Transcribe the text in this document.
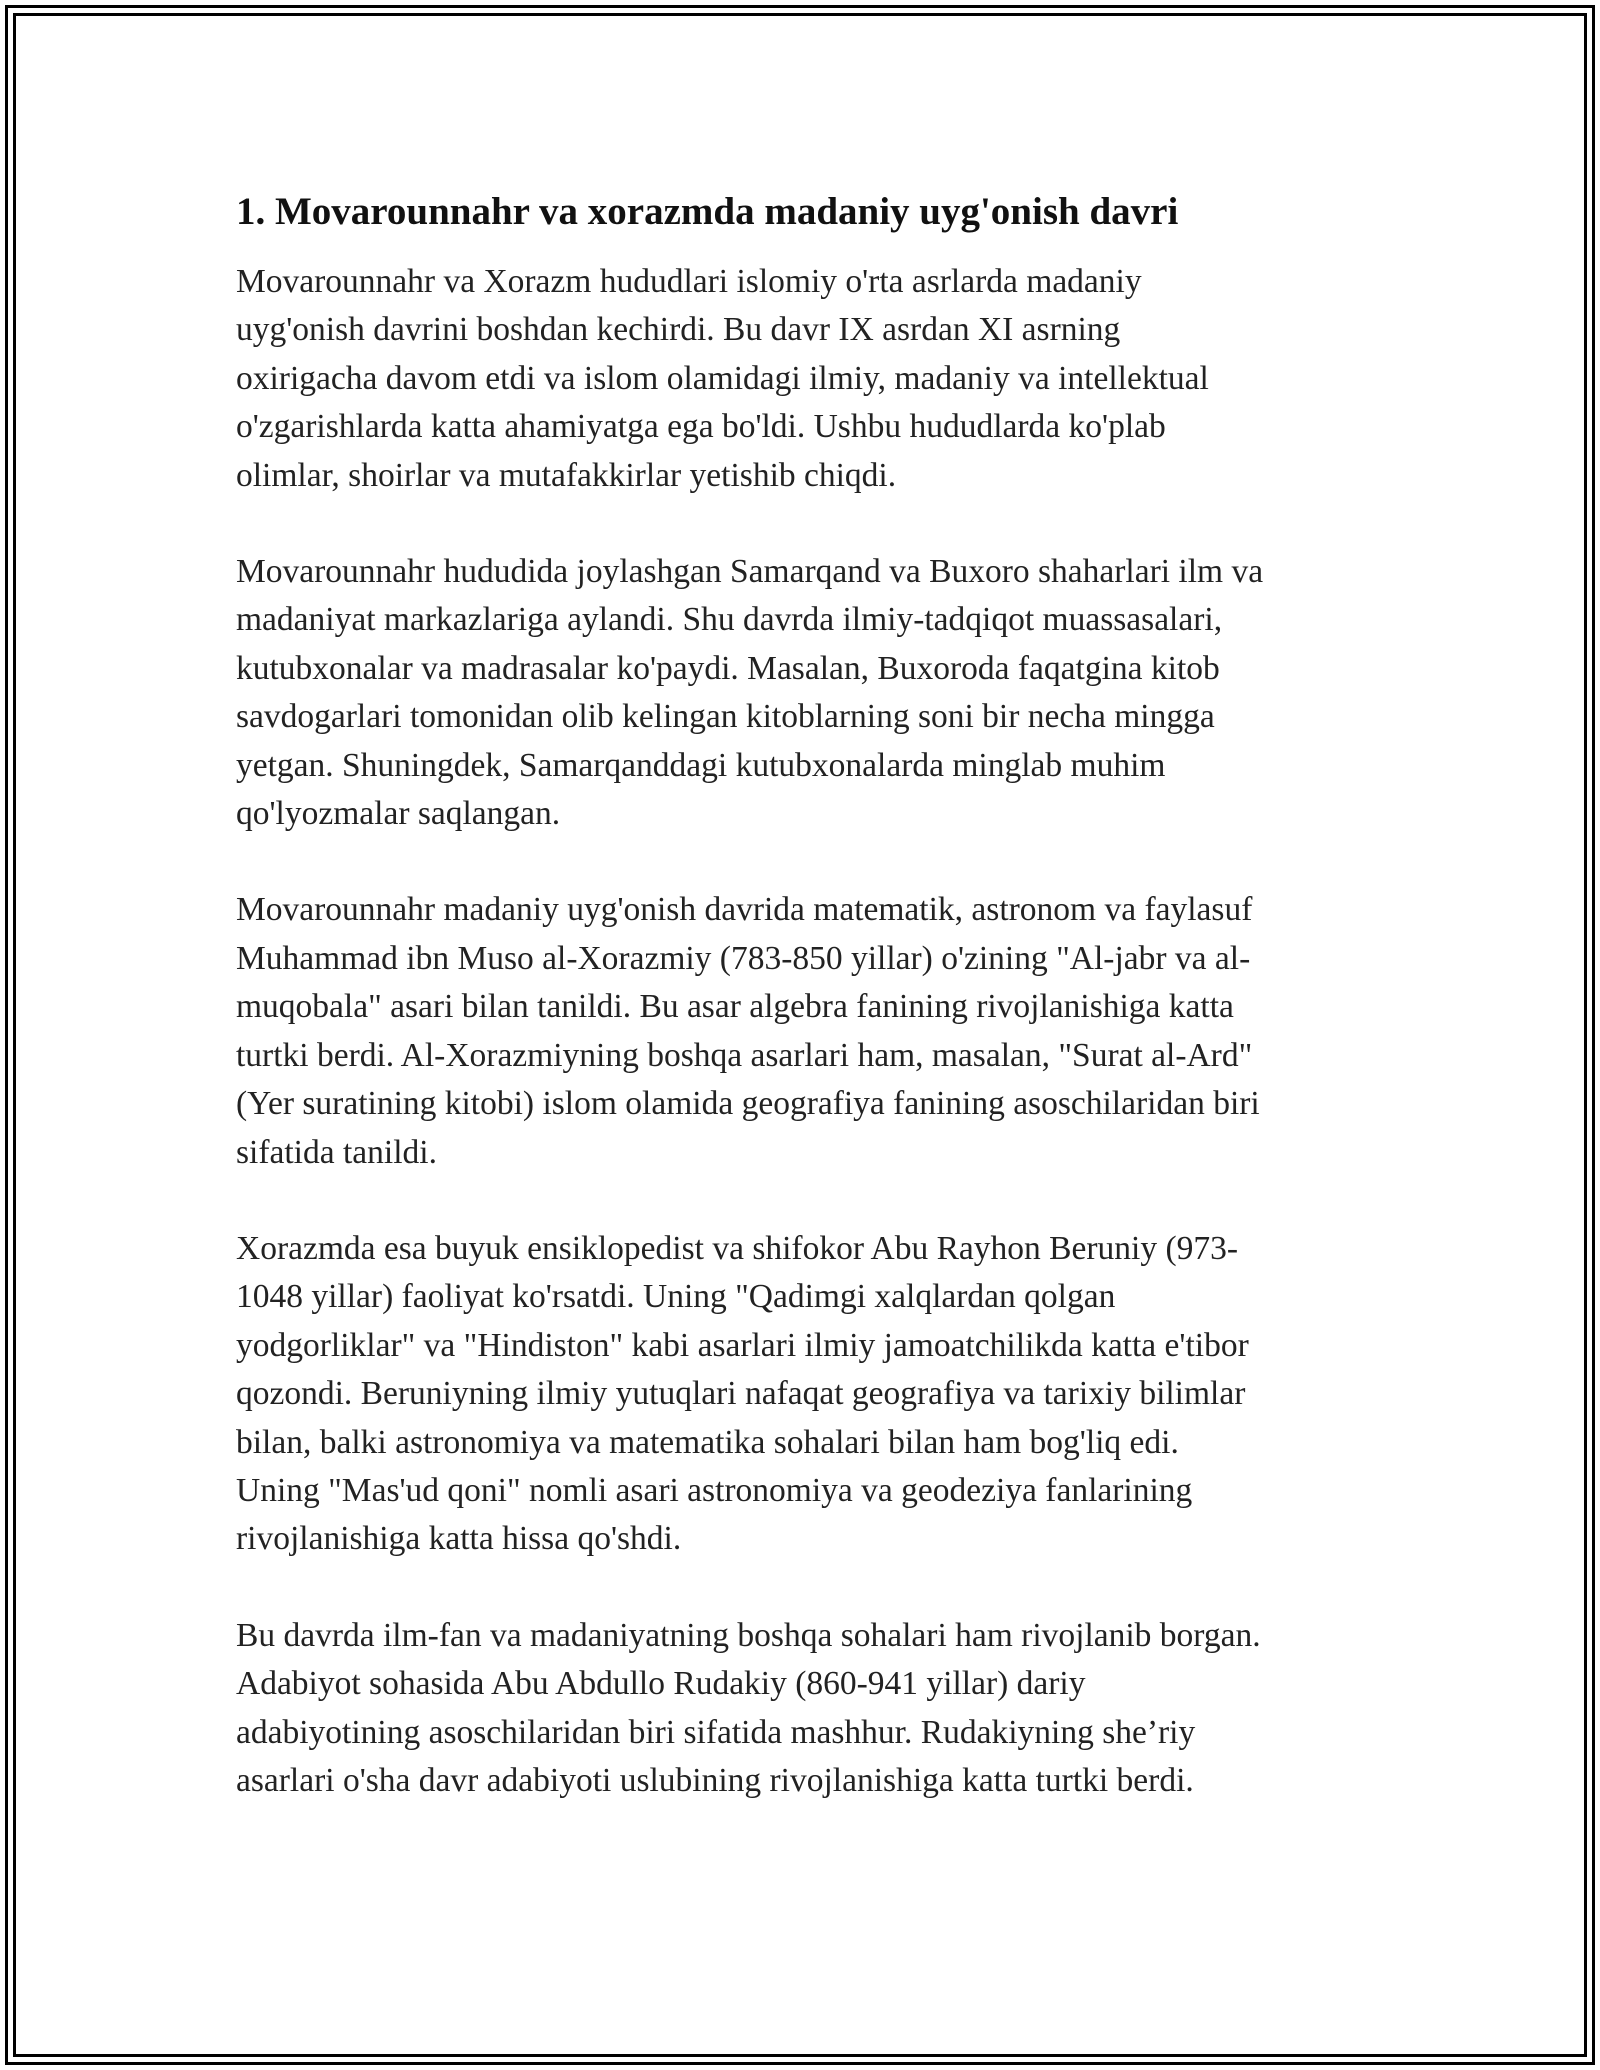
1. Movarounnahr va xorazmda madaniy uyg'onish davri

Movarounnahr va Xorazm hududlari islomiy o'rta asrlarda madaniy
uyg'onish davrini boshdan kechirdi. Bu davr IX asrdan XI asrning
oxirigacha davom etdi va islom olamidagi ilmiy, madaniy va intellektual
o'zgarishlarda katta ahamiyatga ega bo'ldi. Ushbu hududlarda ko'plab
olimlar, shoirlar va mutafakkirlar yetishib chiqdi.

Movarounnahr hududida joylashgan Samarqand va Buxoro shaharlari ilm va
madaniyat markazlariga aylandi. Shu davrda ilmiy-tadqiqot muassasalari,
kutubxonalar va madrasalar ko'paydi. Masalan, Buxoroda faqatgina kitob
savdogarlari tomonidan olib kelingan kitoblarning soni bir necha mingga
yetgan. Shuningdek, Samarqanddagi kutubxonalarda minglab muhim
qo'lyozmalar saqlangan.

Movarounnahr madaniy uyg'onish davrida matematik, astronom va faylasuf
Muhammad ibn Muso al-Xorazmiy (783-850 yillar) o'zining "Al-jabr va al-
muqobala" asari bilan tanildi. Bu asar algebra fanining rivojlanishiga katta
turtki berdi. Al-Xorazmiyning boshqa asarlari ham, masalan, "Surat al-Ard"
(Yer suratining kitobi) islom olamida geografiya fanining asoschilaridan biri
sifatida tanildi.

Xorazmda esa buyuk ensiklopedist va shifokor Abu Rayhon Beruniy (973-
1048 yillar) faoliyat ko'rsatdi. Uning "Qadimgi xalqlardan qolgan
yodgorliklar" va "Hindiston" kabi asarlari ilmiy jamoatchilikda katta e'tibor
qozondi. Beruniyning ilmiy yutuqlari nafaqat geografiya va tarixiy bilimlar
bilan, balki astronomiya va matematika sohalari bilan ham bog'liq edi.
Uning "Mas'ud qoni" nomli asari astronomiya va geodeziya fanlarining
rivojlanishiga katta hissa qo'shdi.

Bu davrda ilm-fan va madaniyatning boshqa sohalari ham rivojlanib borgan.
Adabiyot sohasida Abu Abdullo Rudakiy (860-941 yillar) dariy
adabiyotining asoschilaridan biri sifatida mashhur. Rudakiyning she’riy
asarlari o'sha davr adabiyoti uslubining rivojlanishiga katta turtki berdi.
